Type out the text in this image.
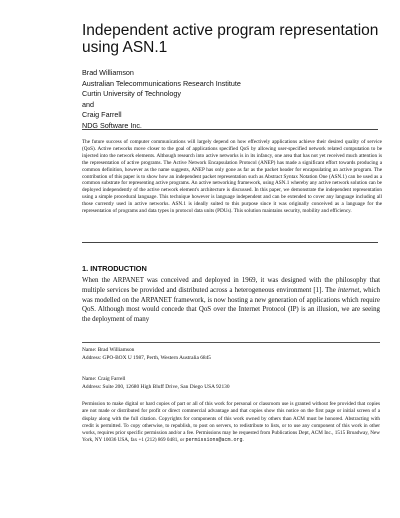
Independent active program representation using ASN.1
Brad Williamson
Australian Telecommunications Research Institute
Curtin University of Technology
and
Craig Farrell
NDG Software Inc.

The future success of computer communications will largely depend on how effectively applications achieve their desired quality of service (QoS). Active networks move closer to the goal of applications specified QoS by allowing user-specified network related computation to be injected into the network elements. Although research into active networks is in its infancy, one area that has not yet received much attention is the representation of active programs. The Active Network Encapsulation Protocol (ANEP) has made a significant effort towards producing a common definition, however as the name suggests, ANEP has only gone as far as the packet header for encapsulating an active program. The contribution of this paper is to show how an independent packet representation such as Abstract Syntax Notation One (ASN.1) can be used as a common substrate for representing active programs. An active networking framework, using ASN.1 whereby any active network solution can be deployed independently of the active network element's architecture is discussed. In this paper, we demonstrate the independent representation using a simple procedural language. This technique however is language independent and can be extended to cover any language including all those currently used in active networks. ASN.1 is ideally suited to this purpose since it was originally conceived as a language for the representation of programs and data types in protocol data units (PDUs). This solution maintains security, mobility and efficiency.

1. INTRODUCTION

When the ARPANET was conceived and deployed in 1969, it was designed with the philosophy that multiple services be provided and distributed across a heterogeneous environment [1]. The internet, which was modelled on the ARPANET framework, is now hosting a new generation of applications which require QoS. Although most would concede that QoS over the Internet Protocol (IP) is an illusion, we are seeing the deployment of many

Name: Brad Williamson
Address: GPO-BOX U 1987, Perth, Western Australia 6845
Name: Craig Farrell
Address: Suite 200, 12680 High Bluff Drive, San Diego USA 92130

Permission to make digital or hard copies of part or all of this work for personal or classroom use is granted without fee provided that copies are not made or distributed for profit or direct commercial advantage and that copies show this notice on the first page or initial screen of a display along with the full citation. Copyrights for components of this work owned by others than ACM must be honored. Abstracting with credit is permitted. To copy otherwise, to republish, to post on servers, to redistribute to lists, or to use any component of this work in other works, requires prior specific permission and/or a fee. Permissions may be requested from Publications Dept, ACM Inc., 1515 Broadway, New York, NY 10036 USA, fax +1 (212) 869 0481, or permissions@acm.org.
